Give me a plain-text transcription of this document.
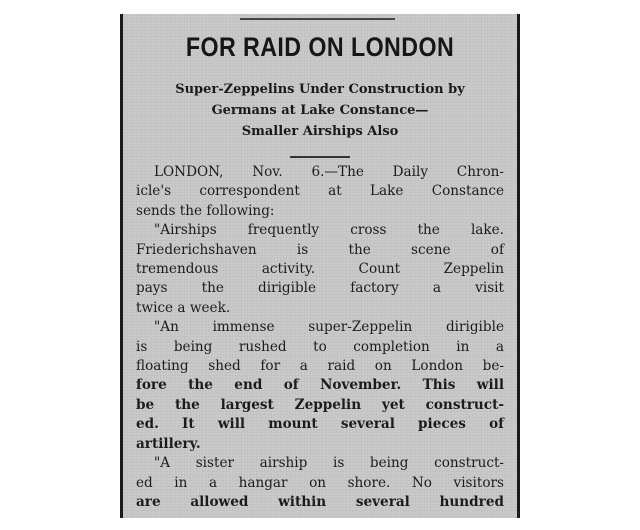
FOR RAID ON LONDON
Super-Zeppelins Under Construction by
Germans at Lake Constance—
Smaller Airships Also
LONDON, Nov. 6.—The Daily Chron-
icle's correspondent at Lake Constance
sends the following:
"Airships frequently cross the lake.
Friederichshaven is the scene of
tremendous activity. Count Zeppelin
pays the dirigible factory a visit
twice a week.
"An immense super-Zeppelin dirigible
is being rushed to completion in a
floating shed for a raid on London be-
fore the end of November. This will
be the largest Zeppelin yet construct-
ed. It will mount several pieces of
artillery.
"A sister airship is being construct-
ed in a hangar on shore. No visitors
are allowed within several hundred
